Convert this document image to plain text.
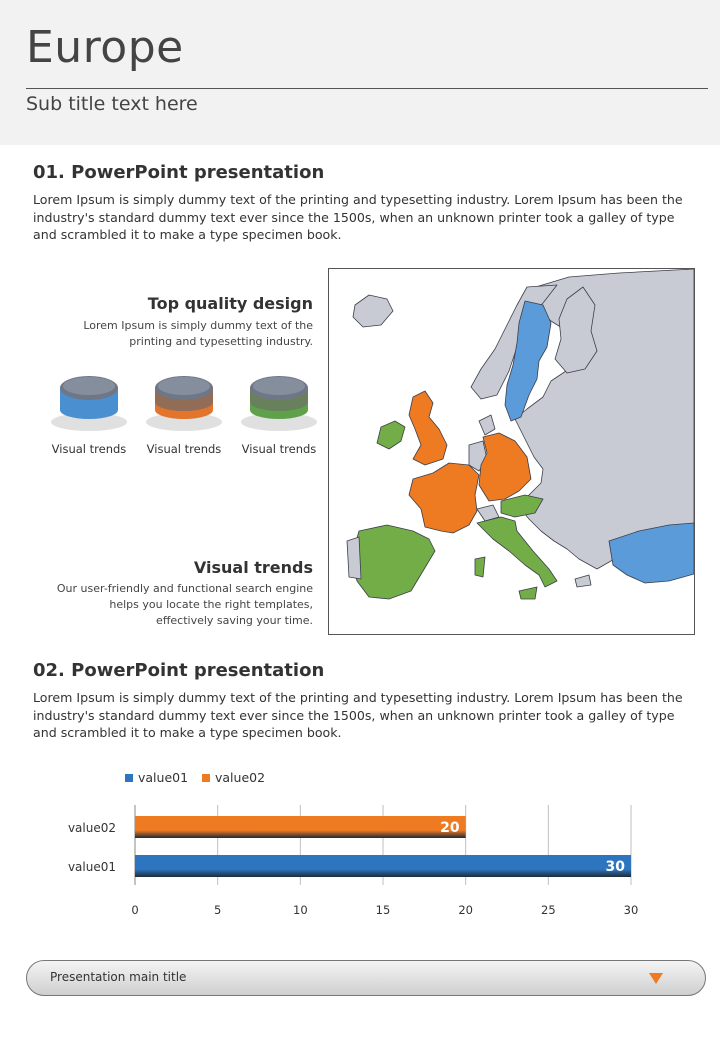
Europe
Sub title text here
01. PowerPoint presentation
Lorem Ipsum is simply dummy text of the printing and typesetting industry. Lorem Ipsum has been the industry's standard dummy text ever since the 1500s, when an unknown printer took a galley of type and scrambled it to make a type specimen book.
Top quality design
Lorem Ipsum is simply dummy text of the printing and typesetting industry.
Visual trends	Visual trends	Visual trends
Visual trends
Our user-friendly and functional search engine helps you locate the right templates, effectively saving your time.
02. PowerPoint presentation
Lorem Ipsum is simply dummy text of the printing and typesetting industry. Lorem Ipsum has been the industry's standard dummy text ever since the 1500s, when an unknown printer took a galley of type and scrambled it to make a type specimen book.
value01 value02
0	5	10	15	20	25	30
value02	20
value01	30
Presentation main title
